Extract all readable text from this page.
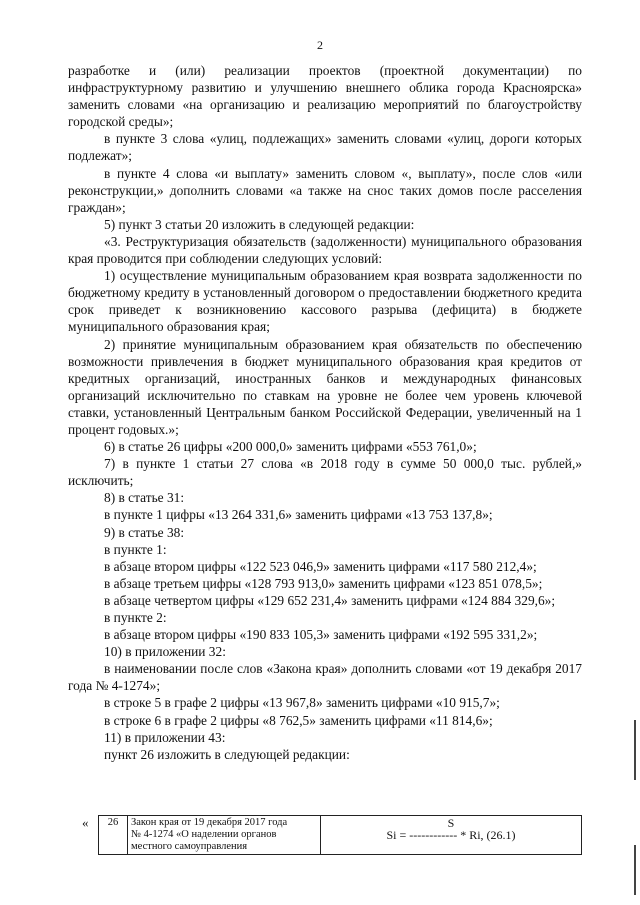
2

разработке и (или) реализации проектов (проектной документации) по инфраструктурному развитию и улучшению внешнего облика города Красноярска» заменить словами «на организацию и реализацию мероприятий по благоустройству городской среды»;

в пункте 3 слова «улиц, подлежащих» заменить словами «улиц, дороги которых подлежат»;

в пункте 4 слова «и выплату» заменить словом «, выплату», после слов «или реконструкции,» дополнить словами «а также на снос таких домов после расселения граждан»;

5) пункт 3 статьи 20 изложить в следующей редакции:

«3. Реструктуризация обязательств (задолженности) муниципального образования края проводится при соблюдении следующих условий:

1) осуществление муниципальным образованием края возврата задолженности по бюджетному кредиту в установленный договором о предоставлении бюджетного кредита срок приведет к возникновению кассового разрыва (дефицита) в бюджете муниципального образования края;

2) принятие муниципальным образованием края обязательств по обеспечению возможности привлечения в бюджет муниципального образования края кредитов от кредитных организаций, иностранных банков и международных финансовых организаций исключительно по ставкам на уровне не более чем уровень ключевой ставки, установленный Центральным банком Российской Федерации, увеличенный на 1 процент годовых.»;

6) в статье 26 цифры «200 000,0» заменить цифрами «553 761,0»;

7) в пункте 1 статьи 27 слова «в 2018 году в сумме 50 000,0 тыс. рублей,» исключить;

8) в статье 31:

в пункте 1 цифры «13 264 331,6» заменить цифрами «13 753 137,8»;

9) в статье 38:

в пункте 1:

в абзаце втором цифры «122 523 046,9» заменить цифрами «117 580 212,4»;

в абзаце третьем цифры «128 793 913,0» заменить цифрами «123 851 078,5»;

в абзаце четвертом цифры «129 652 231,4» заменить цифрами «124 884 329,6»;

в пункте 2:

в абзаце втором цифры «190 833 105,3» заменить цифрами «192 595 331,2»;

10) в приложении 32:

в наименовании после слов «Закона края» дополнить словами «от 19 декабря 2017 года № 4-1274»;

в строке 5 в графе 2 цифры «13 967,8» заменить цифрами «10 915,7»;

в строке 6 в графе 2 цифры «8 762,5» заменить цифрами «11 814,6»;

11) в приложении 43:

пункт 26 изложить в следующей редакции:

« 26	Закон края от 19 декабря 2017 года
№ 4-1274 «О наделении органов
местного самоуправления

S
Si = ------------ * Ri, (26.1)
